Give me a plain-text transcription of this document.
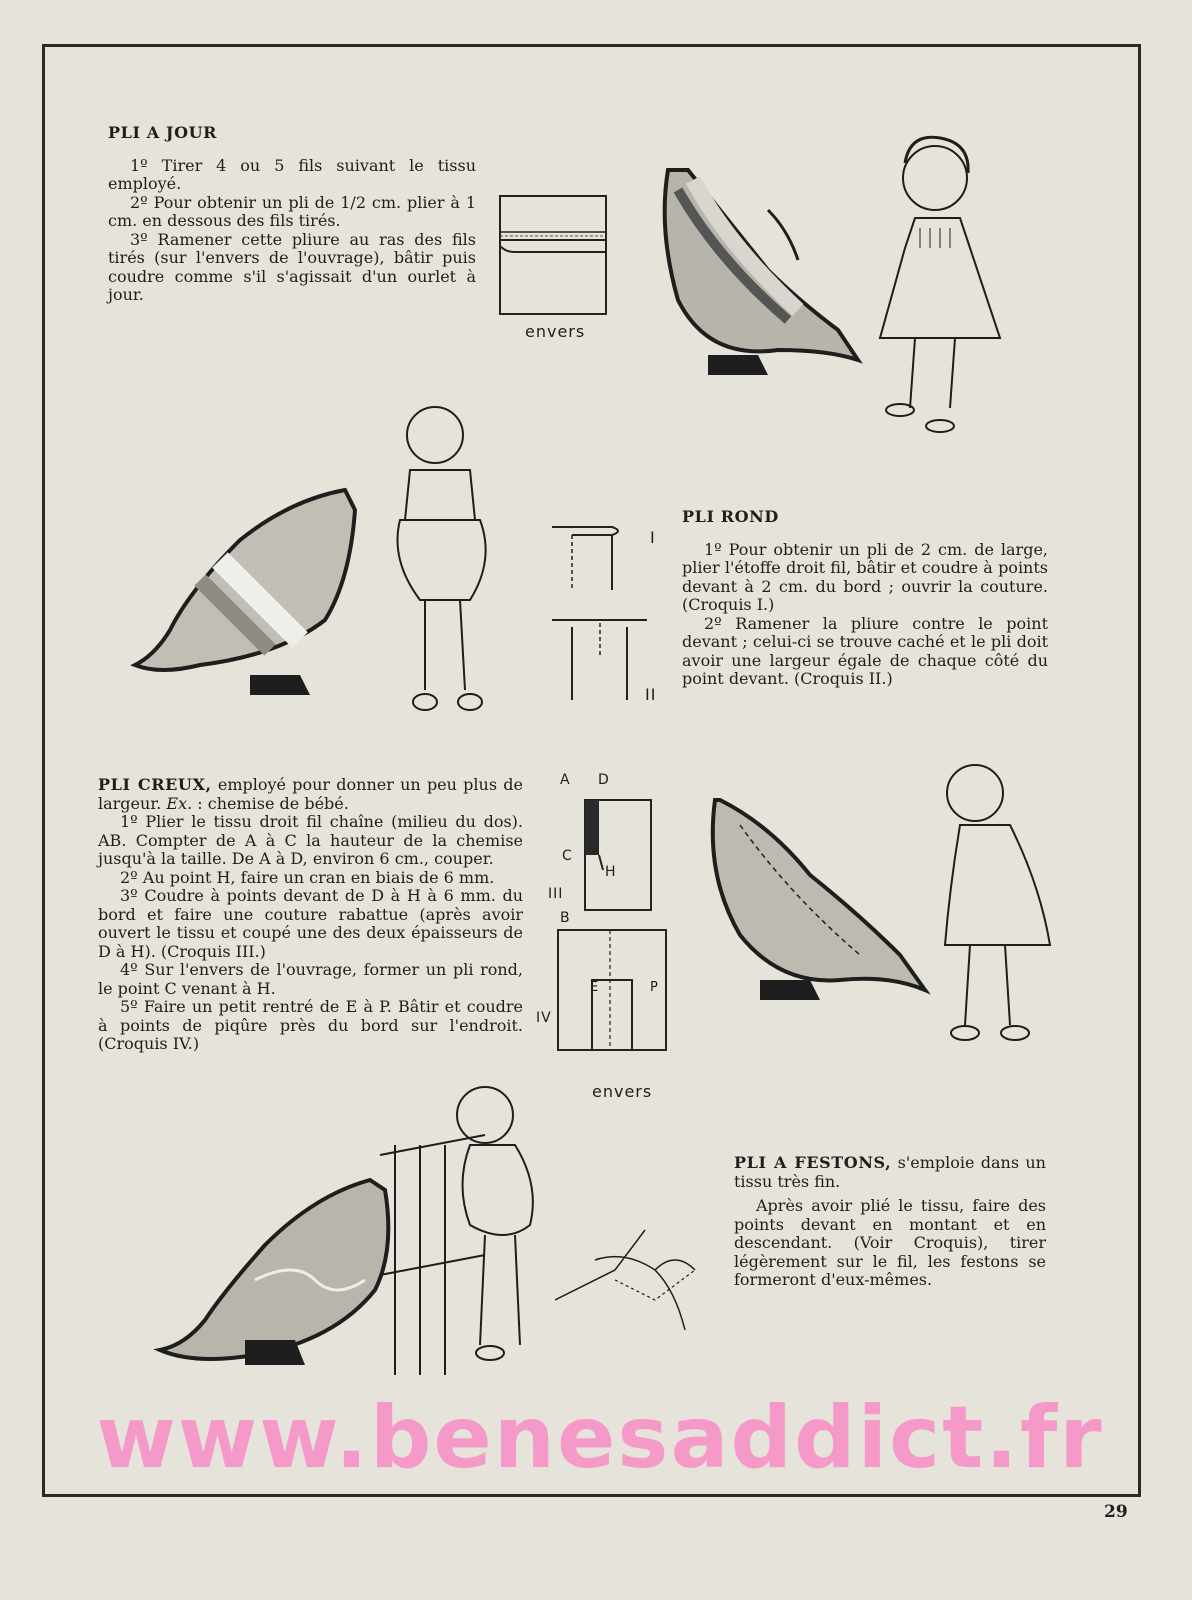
PLI A JOUR

1º Tirer 4 ou 5 fils suivant le tissu employé.

2º Pour obtenir un pli de 1/2 cm. plier à 1 cm. en dessous des fils tirés.

3º Ramener cette pliure au ras des fils tirés (sur l'envers de l'ouvrage), bâtir puis coudre comme s'il s'agissait d'un ourlet à jour.

envers
I
II

PLI ROND

1º Pour obtenir un pli de 2 cm. de large, plier l'étoffe droit fil, bâtir et coudre à points devant à 2 cm. du bord ; ouvrir la couture. (Croquis I.)

2º Ramener la pliure contre le point devant ; celui-ci se trouve caché et le pli doit avoir une largeur égale de chaque côté du point devant. (Croquis II.)

PLI CREUX, employé pour donner un peu plus de largeur. Ex. : chemise de bébé.

1º Plier le tissu droit fil chaîne (milieu du dos). AB. Compter de A à C la hauteur de la chemise jusqu'à la taille. De A à D, environ 6 cm., couper.

2º Au point H, faire un cran en biais de 6 mm.

3º Coudre à points devant de D à H à 6 mm. du bord et faire une couture rabattue (après avoir ouvert le tissu et coupé une des deux épaisseurs de D à H). (Croquis III.)

4º Sur l'envers de l'ouvrage, former un pli rond, le point C venant à H.

5º Faire un petit rentré de E à P. Bâtir et coudre à points de piqûre près du bord sur l'endroit. (Croquis IV.)

A D
C
H
III
B
IV
E	P
envers

PLI A FESTONS, s'emploie dans un tissu très fin.

Après avoir plié le tissu, faire des points devant en montant et en descendant. (Voir Croquis), tirer légèrement sur le fil, les festons se formeront d'eux-mêmes.

www.benesaddict.fr
29
